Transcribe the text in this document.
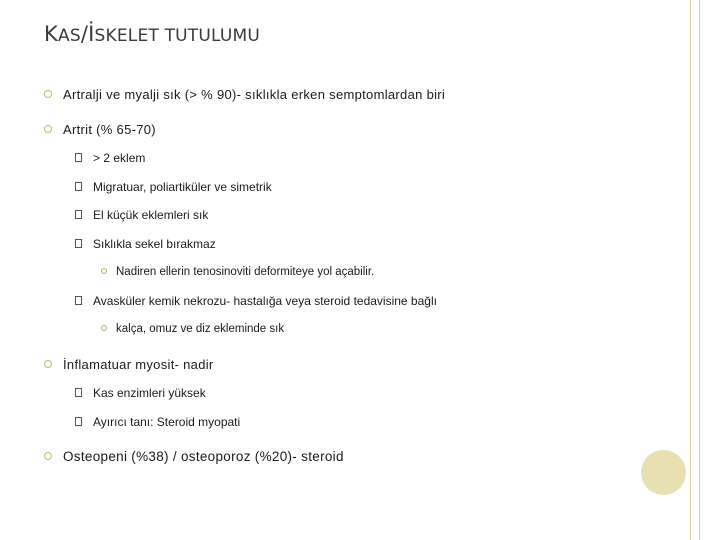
KAS/İSKELET TUTULUMU
Artralji ve myalji sık (> % 90)- sıklıkla erken semptomlardan biri
Artrit (% 65-70)
> 2 eklem
Migratuar, poliartiküler ve simetrik
El küçük eklemleri sık
Sıklıkla sekel bırakmaz
Nadiren ellerin tenosinoviti deformiteye yol açabilir.
Avasküler kemik nekrozu- hastalığa veya steroid tedavisine bağlı
kalça, omuz ve diz ekleminde sık
İnflamatuar myosit- nadir
Kas enzimleri yüksek
Ayırıcı tanı: Steroid myopati
Osteopeni (%38) / osteoporoz (%20)- steroid
